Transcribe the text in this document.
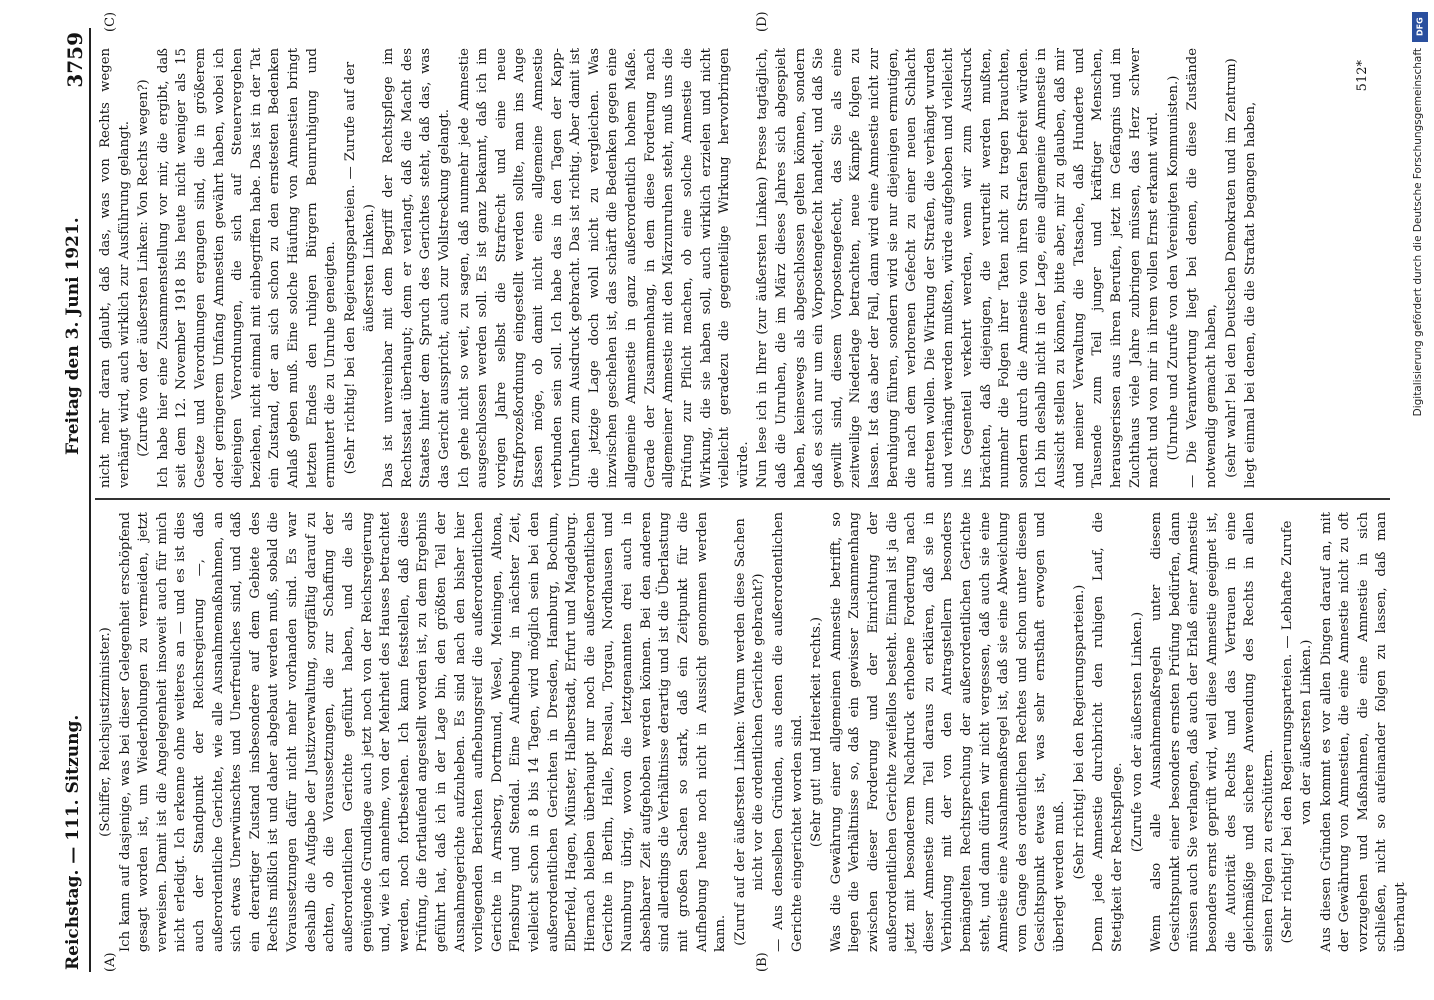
Reichstag. — 111. Sitzung.
Freitag den 3. Juni 1921.
3759
(A)	(B)
(C)	(D)

(Schiffer, Reichsjustizminister.) Ich kann auf dasjenige, was bei dieser Gelegenheit erschöpfend gesagt worden ist, um Wiederholungen zu vermeiden, jetzt verweisen. Damit ist die Angelegenheit insoweit auch für mich nicht erledigt. Ich erkenne ohne weiteres an — und es ist dies auch der Standpunkt der Reichsregierung —, daß außerordentliche Gerichte, wie alle Ausnahmemaßnahmen, an sich etwas Unerwünschtes und Unerfreuliches sind, und daß ein derartiger Zustand insbesondere auf dem Gebiete des Rechts mißlich ist und daher abgebaut werden muß, sobald die Voraussetzungen dafür nicht mehr vorhanden sind. Es war deshalb die Aufgabe der Justizverwaltung, sorgfältig darauf zu achten, ob die Voraussetzungen, die zur Schaffung der außerordentlichen Gerichte geführt haben, und die als genügende Grundlage auch jetzt noch von der Reichsregierung und, wie ich annehme, von der Mehrheit des Hauses betrachtet werden, noch fortbestehen. Ich kann feststellen, daß diese Prüfung, die fortlaufend angestellt worden ist, zu dem Ergebnis geführt hat, daß ich in der Lage bin, den größten Teil der Ausnahmegerichte aufzuheben. Es sind nach den bisher hier vorliegenden Berichten aufhebungsreif die außerordentlichen Gerichte in Arnsberg, Dortmund, Wesel, Meiningen, Altona, Flensburg und Stendal. Eine Aufhebung in nächster Zeit, vielleicht schon in 8 bis 14 Tagen, wird möglich sein bei den außerordentlichen Gerichten in Dresden, Hamburg, Bochum, Elberfeld, Hagen, Münster, Halberstadt, Erfurt und Magdeburg. Hiernach bleiben überhaupt nur noch die außerordentlichen Gerichte in Berlin, Halle, Breslau, Torgau, Nordhausen und Naumburg übrig, wovon die letztgenannten drei auch in absehbarer Zeit aufgehoben werden können. Bei den anderen sind allerdings die Verhältnisse derartig und ist die Überlastung mit großen Sachen so stark, daß ein Zeitpunkt für die Aufhebung heute noch nicht in Aussicht genommen werden kann. (Zuruf auf der äußersten Linken: Warum werden diese Sachen nicht vor die ordentlichen Gerichte gebracht?) — Aus denselben Gründen, aus denen die außerordentlichen Gerichte eingerichtet worden sind. (Sehr gut! und Heiterkeit rechts.) Was die Gewährung einer allgemeinen Amnestie betrifft, so liegen die Verhältnisse so, daß ein gewisser Zusammenhang zwischen dieser Forderung und der Einrichtung der außerordentlichen Gerichte zweifellos besteht. Einmal ist ja die jetzt mit besonderem Nachdruck erhobene Forderung nach dieser Amnestie zum Teil daraus zu erklären, daß sie in Verbindung mit der von den Antragstellern besonders bemängelten Rechtsprechung der außerordentlichen Gerichte steht, und dann dürfen wir nicht vergessen, daß auch sie eine Amnestie eine Ausnahmemaßregel ist, daß sie eine Abweichung vom Gange des ordentlichen Rechtes und schon unter diesem Gesichtspunkt etwas ist, was sehr ernsthaft erwogen und überlegt werden muß. (Sehr richtig! bei den Regierungsparteien.) Denn jede Amnestie durchbricht den ruhigen Lauf, die Stetigkeit der Rechtspflege.

(Zurufe von der äußersten Linken.) Wenn also alle Ausnahmemaßregeln unter diesem Gesichtspunkt einer besonders ernsten Prüfung bedürfen, dann müssen auch Sie verlangen, daß auch der Erlaß einer Amnestie besonders ernst geprüft wird, weil diese Amnestie geeignet ist, die Autorität des Rechts und das Vertrauen in eine gleichmäßige und sichere Anwendung des Rechts in allen seinen Folgen zu erschüttern. (Sehr richtig! bei den Regierungsparteien. — Lebhafte Zurufe von der äußersten Linken.) Aus diesen Gründen kommt es vor allen Dingen darauf an, mit der Gewährung von Amnestien, die eine Amnestie nicht zu oft vorzugehen und Maßnahmen, die eine Amnestie in sich schließen, nicht so aufeinander folgen zu lassen, daß man überhaupt

nicht mehr daran glaubt, daß das, was von Rechts wegen verhängt wird, auch wirklich zur Ausführung gelangt. (Zurufe von der äußersten Linken: Von Rechts wegen?) Ich habe hier eine Zusammenstellung vor mir, die ergibt, daß seit dem 12. November 1918 bis heute nicht weniger als 15 Gesetze und Verordnungen ergangen sind, die in größerem oder geringerem Umfang Amnestien gewährt haben, wobei ich diejenigen Verordnungen, die sich auf Steuervergehen beziehen, nicht einmal mit einbegriffen habe. Das ist in der Tat ein Zustand, der an sich schon zu den ernstesten Bedenken Anlaß geben muß. Eine solche Häufung von Amnestien bringt letzten Endes den ruhigen Bürgern Beunruhigung und ermuntert die zu Unruhe geneigten. (Sehr richtig! bei den Regierungsparteien. — Zurufe auf der äußersten Linken.) Das ist unvereinbar mit dem Begriff der Rechtspflege im Rechtsstaat überhaupt; denn er verlangt, daß die Macht des Staates hinter dem Spruch des Gerichtes steht, daß das, was das Gericht ausspricht, auch zur Vollstreckung gelangt. Ich gehe nicht so weit, zu sagen, daß nunmehr jede Amnestie ausgeschlossen werden soll. Es ist ganz bekannt, daß ich im vorigen Jahre selbst die Strafrecht und eine neue Strafprozeßordnung eingestellt werden sollte, man ins Auge fassen möge, ob damit nicht eine allgemeine Amnestie verbunden sein soll. Ich habe das in den Tagen der Kapp-Unruhen zum Ausdruck gebracht. Das ist richtig. Aber damit ist die jetzige Lage doch wohl nicht zu vergleichen. Was inzwischen geschehen ist, das schärft die Bedenken gegen eine allgemeine Amnestie in ganz außerordentlich hohem Maße. Gerade der Zusammenhang, in dem diese Forderung nach allgemeiner Amnestie mit den Märzunruhen steht, muß uns die Prüfung zur Pflicht machen, ob eine solche Amnestie die Wirkung, die sie haben soll, auch wirklich erzielen und nicht vielleicht geradezu die gegenteilige Wirkung hervorbringen würde. Nun lese ich in Ihrer (zur äußersten Linken) Presse tagtäglich, daß die Unruhen, die im März dieses Jahres sich abgespielt haben, keineswegs als abgeschlossen gelten können, sondern daß es sich nur um ein Vorpostengefecht handelt, und daß Sie gewillt sind, diesem Vorpostengefecht, das Sie als eine zeitweilige Niederlage betrachten, neue Kämpfe folgen zu lassen. Ist das aber der Fall, dann wird eine Amnestie nicht zur Beruhigung führen, sondern wird sie nur diejenigen ermutigen, die nach dem verlorenen Gefecht zu einer neuen Schlacht antreten wollen. Die Wirkung der Strafen, die verhängt wurden und verhängt werden mußten, würde aufgehoben und vielleicht ins Gegenteil verkehrt werden, wenn wir zum Ausdruck brächten, daß diejenigen, die verurteilt werden mußten, nunmehr die Folgen ihrer Taten nicht zu tragen brauchten, sondern durch die Amnestie von ihren Strafen befreit würden. Ich bin deshalb nicht in der Lage, eine allgemeine Amnestie in Aussicht stellen zu können, bitte aber, mir zu glauben, daß mir und meiner Verwaltung die Tatsache, daß Hunderte und Tausende zum Teil junger und kräftiger Menschen, herausgerissen aus ihren Berufen, jetzt im Gefängnis und im Zuchthaus viele Jahre zubringen müssen, das Herz schwer macht und von mir in ihrem vollen Ernst erkannt wird. (Unruhe und Zurufe von den Vereinigten Kommunisten.) — Die Verantwortung liegt bei denen, die diese Zustände notwendig gemacht haben, (sehr wahr! bei den Deutschen Demokraten und im Zentrum) liegt einmal bei denen, die die Straftat begangen haben,

512*
DFG
Digitalisierung gefördert durch die Deutsche Forschungsgemeinschaft
